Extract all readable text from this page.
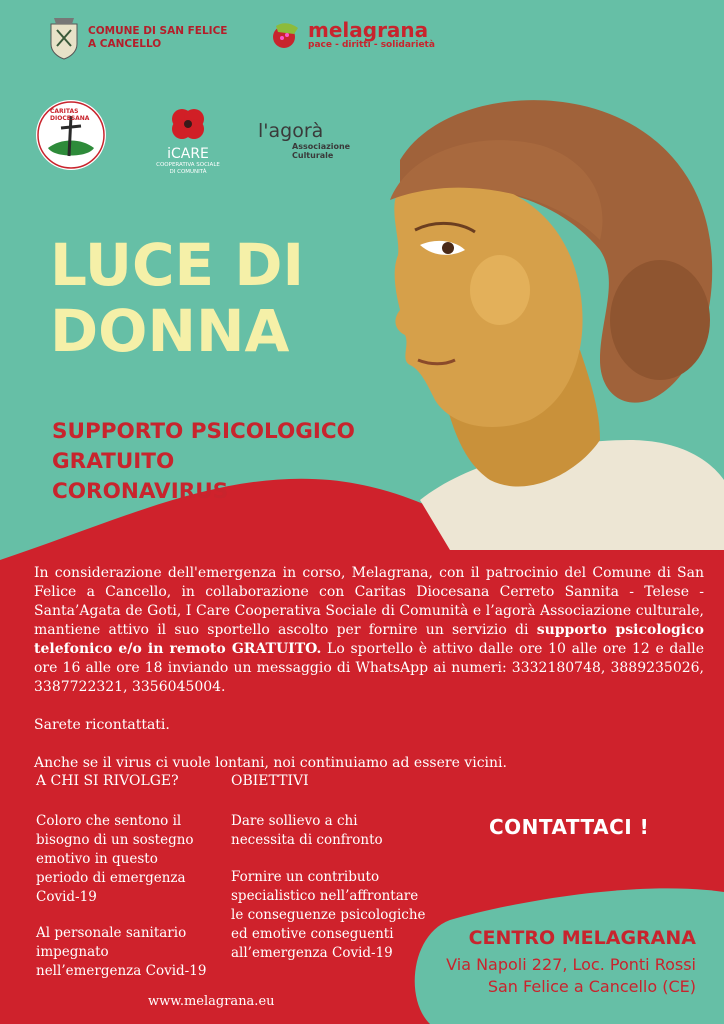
COMUNE DI SAN FELICE
A CANCELLO
melagrana
pace - diritti - solidarietà
CARITAS DIOCESANA
iCARE
COOPERATIVA SOCIALE
DI COMUNITÀ
l'agorà
Associazione
Culturale
LUCE DI
DONNA
SUPPORTO PSICOLOGICO
GRATUITO
CORONAVIRUS

In considerazione dell'emergenza in corso, Melagrana, con il patrocinio del Comune di San Felice a Cancello, in collaborazione con Caritas Diocesana Cerreto Sannita - Telese - Santa’Agata de Goti, I Care Cooperativa Sociale di Comunità e l’agorà Associazione culturale, mantiene attivo il suo sportello ascolto per fornire un servizio di supporto psicologico telefonico e/o in remoto GRATUITO. Lo sportello è attivo dalle ore 10 alle ore 12 e dalle ore 16 alle ore 18 inviando un messaggio di WhatsApp ai numeri: 3332180748, 3889235026, 3387722321, 3356045004.

Sarete ricontattati.

Anche se il virus ci vuole lontani, noi continuiamo ad essere vicini.

A CHI SI RIVOLGE?
Coloro che sentono il bisogno di un sostegno emotivo in questo periodo di emergenza Covid-19
Al personale sanitario impegnato nell’emergenza Covid-19
OBIETTIVI
Dare sollievo a chi necessita di confronto
Fornire un contributo specialistico nell’affrontare le conseguenze psicologiche ed emotive conseguenti all’emergenza Covid-19
CONTATTACI !
CENTRO MELAGRANA
Via Napoli 227, Loc. Ponti Rossi
San Felice a Cancello (CE)
www.melagrana.eu
